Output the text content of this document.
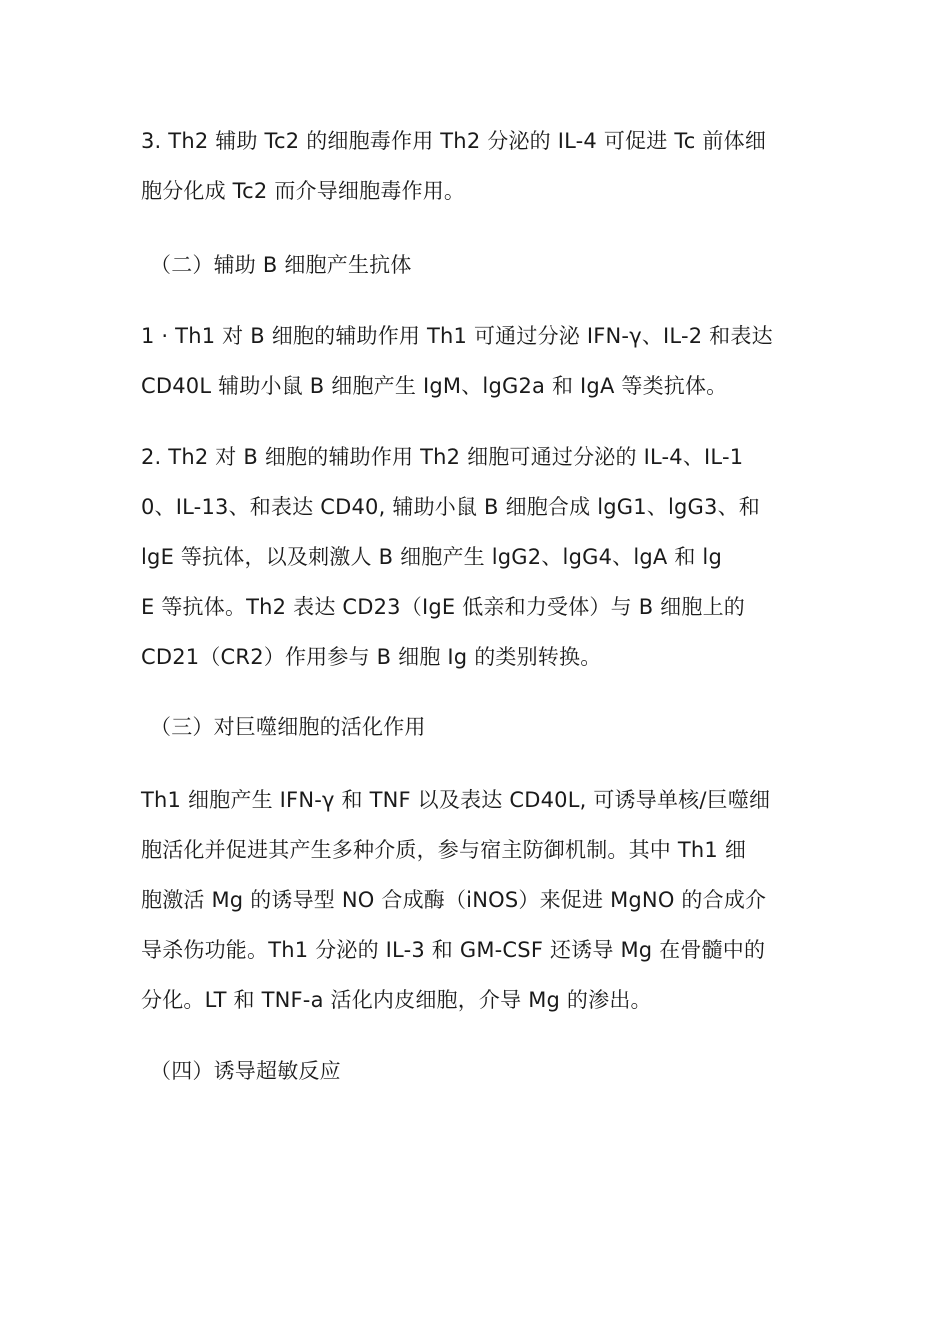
3. Th2 辅助 Tc2 的细胞毒作用 Th2 分泌的 IL-4 可促进 Tc 前体细
胞分化成 Tc2 而介导细胞毒作用。
（二）辅助 B 细胞产生抗体
1 · Th1 对 B 细胞的辅助作用 Th1 可通过分泌 IFN-γ、IL-2 和表达
CD40L 辅助小鼠 B 细胞产生 IgM、lgG2a 和 IgA 等类抗体。
2. Th2 对 B 细胞的辅助作用 Th2 细胞可通过分泌的 IL-4、IL-1
0、IL-13、和表达 CD40, 辅助小鼠 B 细胞合成 lgG1、lgG3、和
lgE 等抗体，以及刺激人 B 细胞产生 lgG2、lgG4、lgA 和 lg
E 等抗体。Th2 表达 CD23（IgE 低亲和力受体）与 B 细胞上的
CD21（CR2）作用参与 B 细胞 Ig 的类别转换。
（三）对巨噬细胞的活化作用
Th1 细胞产生 IFN-γ 和 TNF 以及表达 CD40L, 可诱导单核/巨噬细
胞活化并促进其产生多种介质，参与宿主防御机制。其中 Th1 细
胞激活 Mg 的诱导型 NO 合成酶（iNOS）来促进 MgNO 的合成介
导杀伤功能。Th1 分泌的 IL-3 和 GM-CSF 还诱导 Mg 在骨髓中的
分化。LT 和 TNF-a 活化内皮细胞，介导 Mg 的渗出。
（四）诱导超敏反应
